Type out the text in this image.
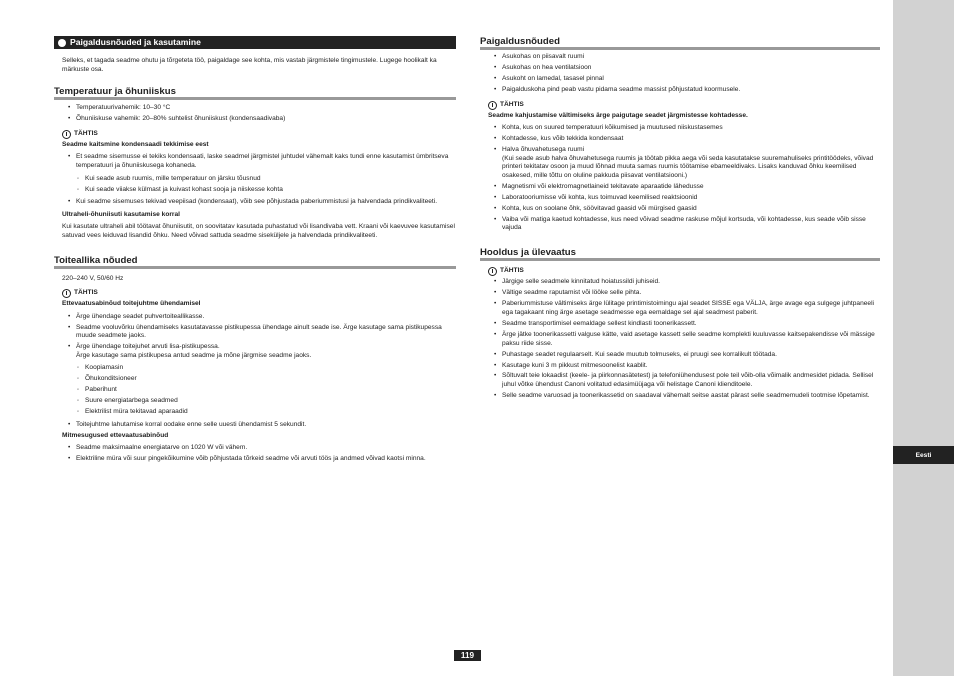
Paigaldusnõuded ja kasutamine

Selleks, et tagada seadme ohutu ja tõrgeteta töö, paigaldage see kohta, mis vastab järgmistele tingimustele. Lugege hoolikalt ka märkuste osa.

Temperatuur ja õhuniiskus
• Temperatuurivahemik: 10–30 °C
• Õhuniiskuse vahemik: 20–80% suhtelist õhuniiskust (kondensaadivaba)
TÄHTIS
Seadme kaitsmine kondensaadi tekkimise eest
• Et seadme sisemusse ei tekiks kondensaati, laske seadmel järgmistel juhtudel vähemalt kaks tundi enne kasutamist ümbritseva temperatuuri ja õhuniiskusega kohaneda.
◦ Kui seade asub ruumis, mille temperatuur on järsku tõusnud
◦ Kui seade viiakse külmast ja kuivast kohast sooja ja niiskesse kohta
• Kui seadme sisemuses tekivad veepiisad (kondensaat), võib see põhjustada paberiummistusi ja halvendada prindikvaliteeti.
Ultraheli-õhuniisuti kasutamise korral

Kui kasutate ultraheli abil töötavat õhuniisutit, on soovitatav kasutada puhastatud või lisandivaba vett. Kraani või kaevuvee kasutamisel satuvad vees leiduvad lisandid õhku. Need võivad sattuda seadme siseküljele ja halvendada prindikvaliteeti.

Toiteallika nõuded

220–240 V, 50/60 Hz

TÄHTIS
Ettevaatusabinõud toitejuhtme ühendamisel
• Ärge ühendage seadet puhvertoiteallikasse.
• Seadme vooluvõrku ühendamiseks kasutatavasse pistikupessa ühendage ainult seade ise. Ärge kasutage sama pistikupessa muude seadmete jaoks.
• Ärge ühendage toitejuhet arvuti lisa-pistikupessa.
Ärge kasutage sama pistikupesa antud seadme ja mõne järgmise seadme jaoks.
◦ Koopiamasin
◦ Õhukonditsioneer
◦ Paberihunt
◦ Suure energiatarbega seadmed
◦ Elektrilist müra tekitavad aparaadid
• Toitejuhtme lahutamise korral oodake enne selle uuesti ühendamist 5 sekundit.
Mitmesugused ettevaatusabinõud
• Seadme maksimaalne energiatarve on 1020 W või vähem.
• Elektriline müra või suur pingekõikumine võib põhjustada tõrkeid seadme või arvuti töös ja andmed võivad kaotsi minna.
Paigaldusnõuded
• Asukohas on piisavalt ruumi
• Asukohas on hea ventilatsioon
• Asukoht on lamedal, tasasel pinnal
• Paigalduskoha pind peab vastu pidama seadme massist põhjustatud koormusele.
TÄHTIS
Seadme kahjustamise vältimiseks ärge paigutage seadet järgmistesse kohtadesse.
• Kohta, kus on suured temperatuuri kõikumised ja muutused niiskustasemes
• Kohtadesse, kus võib tekkida kondensaat
• Halva õhuvahetusega ruumi
(Kui seade asub halva õhuvahetusega ruumis ja töötab pikka aega või seda kasutatakse suuremahuliseks printitöödeks, võivad printeri tekitatav osoon ja muud lõhnad muuta samas ruumis töötamise ebameeldivaks. Lisaks kanduvad õhku keemilised osakesed, mille tõttu on oluline pakkuda piisavat ventilatsiooni.)
• Magnetismi või elektromagnetlaineid tekitavate aparaatide lähedusse
• Laboratooriumisse või kohta, kus toimuvad keemilised reaktsioonid
• Kohta, kus on soolane õhk, söövitavad gaasid või mürgised gaasid
• Vaiba või matiga kaetud kohtadesse, kus need võivad seadme raskuse mõjul kortsuda, või kohtadesse, kus seade võib sisse vajuda
Hooldus ja ülevaatus
TÄHTIS
• Järgige selle seadmele kinnitatud hoiatussildi juhiseid.
• Vältige seadme raputamist või lööke selle pihta.
• Paberiummistuse vältimiseks ärge lülitage printimistoimingu ajal seadet SISSE ega VÄLJA, ärge avage ega sulgege juhtpaneeli ega tagakaant ning ärge asetage seadmesse ega eemaldage sel ajal seadmest paberit.
• Seadme transportimisel eemaldage sellest kindlasti toonerikassett.
• Ärge jätke toonerikassetti valguse kätte, vaid asetage kassett selle seadme komplekti kuuluvasse kaitsepakendisse või mässige paksu riide sisse.
• Puhastage seadet regulaarselt. Kui seade muutub tolmuseks, ei pruugi see korralikult töötada.
• Kasutage kuni 3 m pikkust mitmesoonelist kaablit.
• Sõltuvalt teie lokaadist (keele- ja piirkonnasätetest) ja telefoniühendusest pole teil võib-olla võimalik andmesidet pidada. Sellisel juhul võtke ühendust Canoni volitatud edasimüüjaga või helistage Canoni klienditoele.
• Selle seadme varuosad ja toonerikassetid on saadaval vähemalt seitse aastat pärast selle seadmemudeli tootmise lõpetamist.
Eesti
119
